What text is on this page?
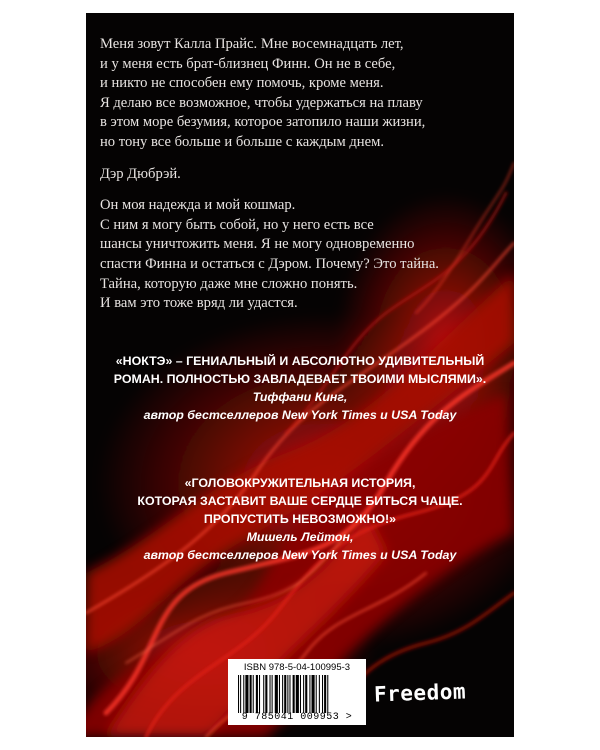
Меня зовут Калла Прайс. Мне восемнадцать лет,
и у меня есть брат-близнец Финн. Он не в себе,
и никто не способен ему помочь, кроме меня.
Я делаю все возможное, чтобы удержаться на плаву
в этом море безумия, которое затопило наши жизни,
но тону все больше и больше с каждым днем.
Дэр Дюбрэй.
Он моя надежда и мой кошмар.
С ним я могу быть собой, но у него есть все
шансы уничтожить меня. Я не могу одновременно
спасти Финна и остаться с Дэром. Почему? Это тайна.
Тайна, которую даже мне сложно понять.
И вам это тоже вряд ли удастся.
«НОКТЭ» – ГЕНИАЛЬНЫЙ И АБСОЛЮТНО УДИВИТЕЛЬНЫЙ
РОМАН. ПОЛНОСТЬЮ ЗАВЛАДЕВАЕТ ТВОИМИ МЫСЛЯМИ».
Тиффани Кинг,
автор бестселлеров New York Times и USA Today
«ГОЛОВОКРУЖИТЕЛЬНАЯ ИСТОРИЯ,
КОТОРАЯ ЗАСТАВИТ ВАШЕ СЕРДЦЕ БИТЬСЯ ЧАЩЕ.
ПРОПУСТИТЬ НЕВОЗМОЖНО!»
Мишель Лейтон,
автор бестселлеров New York Times и USA Today
ISBN 978-5-04-100995-3
9 785041 009953 >
Freedom
